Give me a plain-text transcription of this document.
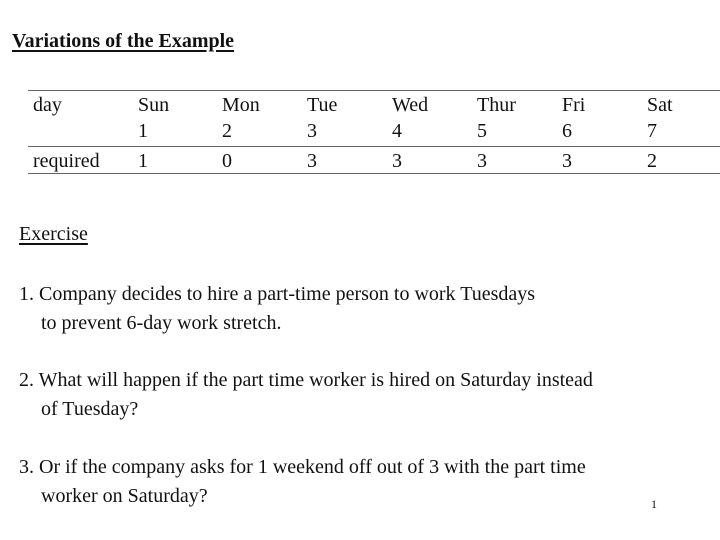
Variations of the Example
day
required
Sun
1
1
Mon
2
0
Tue
3
3
Wed
4
3
Thur
5
3
Fri
6
3
Sat
7
2
Exercise
1. Company decides to hire a part-time person to work Tuesdays
to prevent 6-day work stretch.
2. What will happen if the part time worker is hired on Saturday instead
of Tuesday?
3. Or if the company asks for 1 weekend off out of 3 with the part time
worker on Saturday?	1
